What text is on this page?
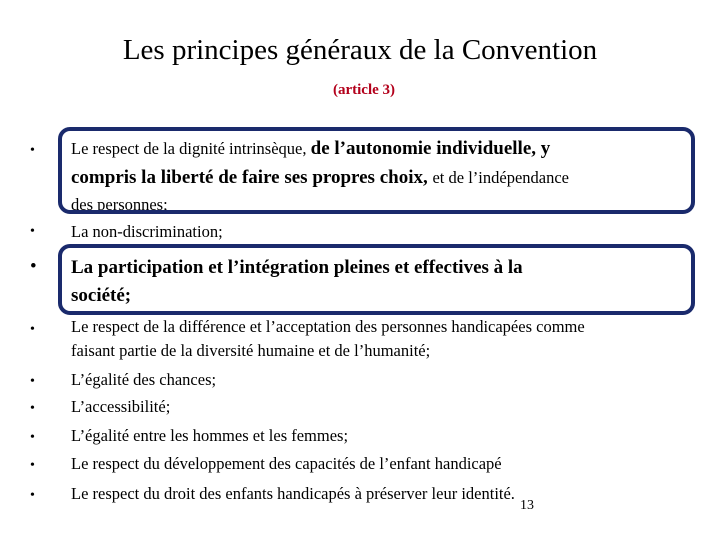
Les principes généraux de la Convention
(article 3)
• Le respect de la dignité intrinsèque, de l’autonomie individuelle, y
compris la liberté de faire ses propres choix, et de l’indépendance
des personnes;
• La non-discrimination;
• La participation et l’intégration pleines et effectives à la
société;
• Le respect de la différence et l’acceptation des personnes handicapées comme
faisant partie de la diversité humaine et de l’humanité;
• L’égalité des chances;
• L’accessibilité;
• L’égalité entre les hommes et les femmes;
• Le respect du développement des capacités de l’enfant handicapé
• Le respect du droit des enfants handicapés à préserver leur identité.
13
